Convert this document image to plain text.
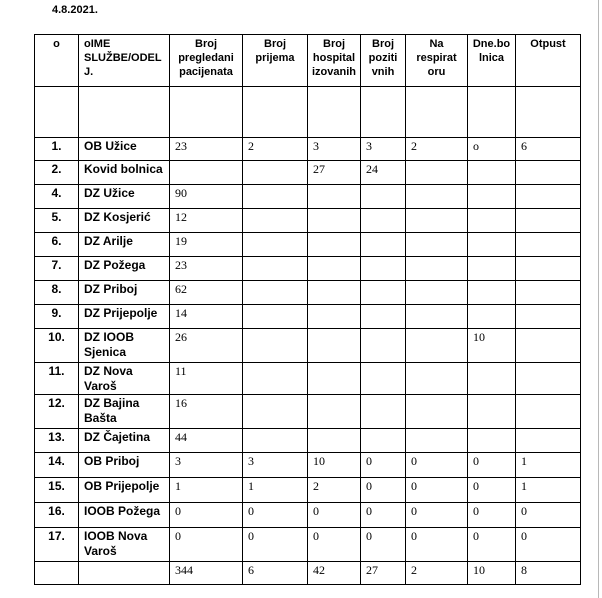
4.8.2021.
o	oIME SLUŽBE/ODEL J.	Broj pregledani pacijenata	Broj prijema	Broj hospital izovanih	Broj poziti vnih	Na respirat oru	Dne.bo lnica	Otpust

1.	OB Užice	23	2	3	3	2	o	6
2.	Kovid bolnica			27	24			
4.	DZ Užice	90						
5.	DZ Kosjerić	12						
6.	DZ Arilje	19						
7.	DZ Požega	23						
8.	DZ Priboj	62						
9.	DZ Prijepolje	14						
10.	DZ IOOB Sjenica	26					10	
11.	DZ Nova Varoš	11						
12.	DZ Bajina Bašta	16						
13.	DZ Čajetina	44						
14.	OB Priboj	3	3	10	0	0	0	1
15.	OB Prijepolje	1	1	2	0	0	0	1
16.	IOOB Požega	0	0	0	0	0	0	0
17.	IOOB Nova Varoš	0	0	0	0	0	0	0
		344	6	42	27	2	10	8
